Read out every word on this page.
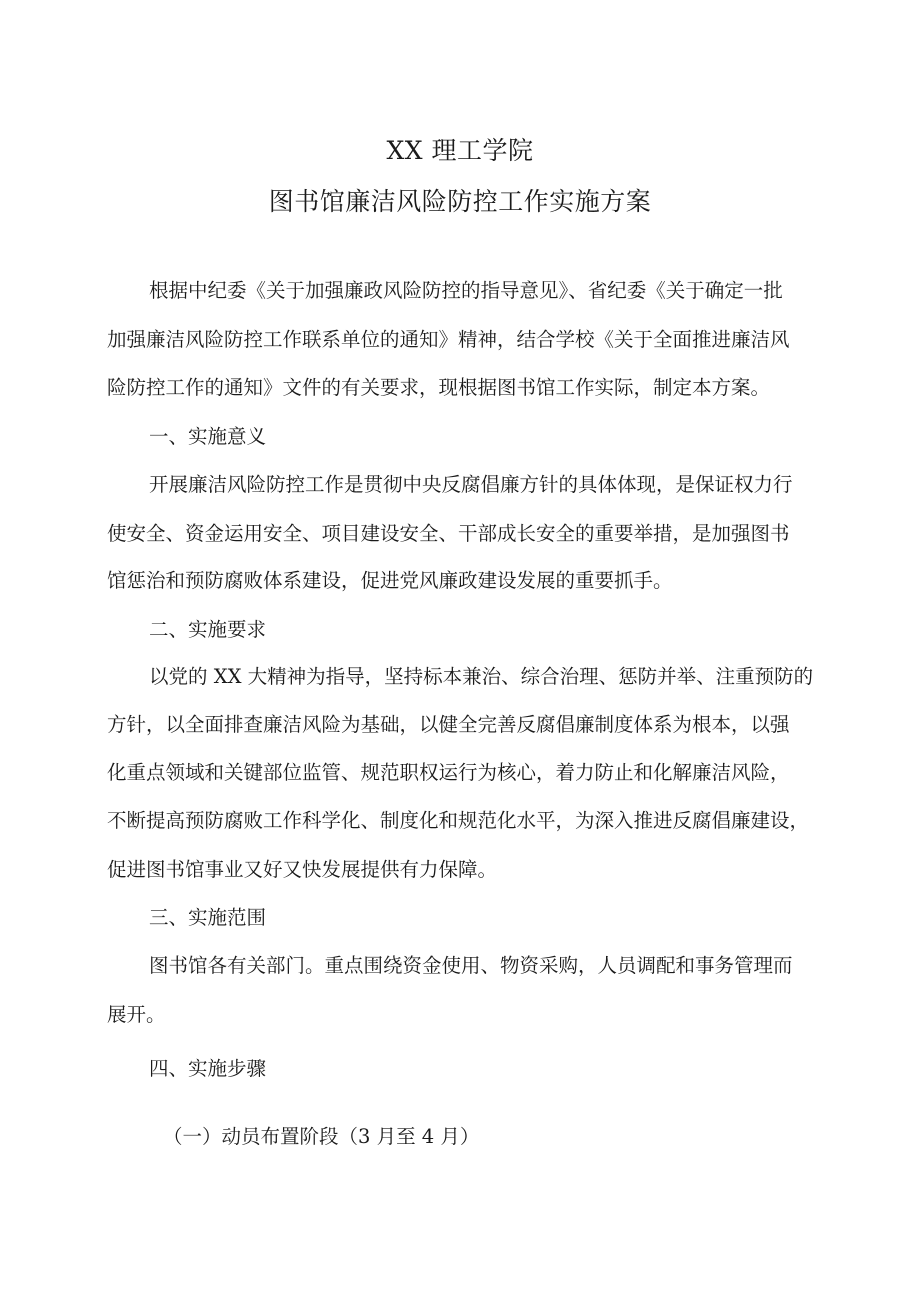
XX 理工学院
图书馆廉洁风险防控工作实施方案
根据中纪委《关于加强廉政风险防控的指导意见》、省纪委《关于确定一批
加强廉洁风险防控工作联系单位的通知》精神，结合学校《关于全面推进廉洁风
险防控工作的通知》文件的有关要求，现根据图书馆工作实际，制定本方案。
一、实施意义
开展廉洁风险防控工作是贯彻中央反腐倡廉方针的具体体现，是保证权力行
使安全、资金运用安全、项目建设安全、干部成长安全的重要举措，是加强图书
馆惩治和预防腐败体系建设，促进党风廉政建设发展的重要抓手。
二、实施要求
以党的 XX 大精神为指导，坚持标本兼治、综合治理、惩防并举、注重预防的
方针，以全面排查廉洁风险为基础，以健全完善反腐倡廉制度体系为根本，以强
化重点领域和关键部位监管、规范职权运行为核心，着力防止和化解廉洁风险，
不断提高预防腐败工作科学化、制度化和规范化水平，为深入推进反腐倡廉建设，
促进图书馆事业又好又快发展提供有力保障。
三、实施范围
图书馆各有关部门。重点围绕资金使用、物资采购，人员调配和事务管理而
展开。
四、实施步骤
（一）动员布置阶段（3 月至 4 月）
